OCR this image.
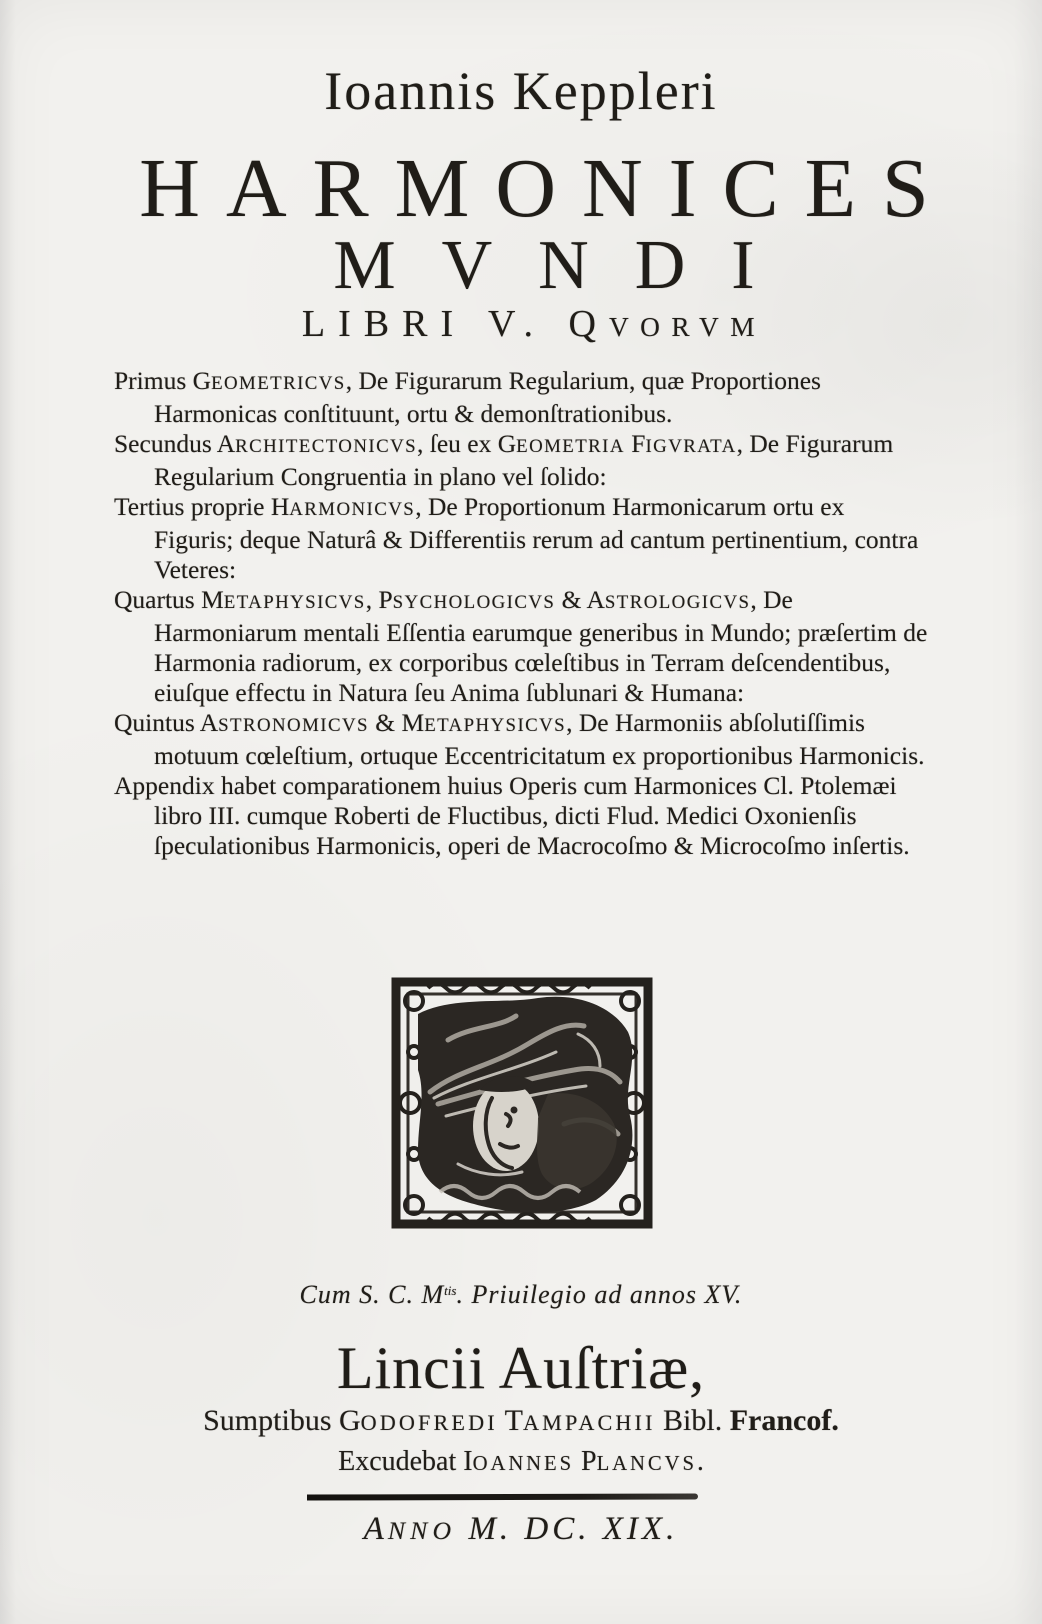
Ioannis Keppleri
HARMONICES
MVNDI
LIBRI V. QVORVM

Primus GEOMETRICVS, De Figurarum Regularium, quæ Proportiones Harmonicas conſtituunt, ortu & demonſtrationibus.

Secundus ARCHITECTONICVS, ſeu ex GEOMETRIA FIGVRATA, De Figurarum Regularium Congruentia in plano vel ſolido:

Tertius proprie HARMONICVS, De Proportionum Harmonicarum ortu ex Figuris; deque Naturâ & Differentiis rerum ad cantum pertinentium, contra Veteres:

Quartus METAPHYSICVS, PSYCHOLOGICVS & ASTROLOGICVS, De Harmoniarum mentali Eſſentia earumque generibus in Mundo; præſertim de Harmonia radiorum, ex corporibus cœleſtibus in Terram deſcendentibus, eiuſque effectu in Natura ſeu Anima ſublunari & Humana:

Quintus ASTRONOMICVS & METAPHYSICVS, De Harmoniis abſolutiſſimis motuum cœleſtium, ortuque Eccentricitatum ex proportionibus Harmonicis.

Appendix habet comparationem huius Operis cum Harmonices Cl. Ptolemæi libro III. cumque Roberti de Fluctibus, dicti Flud. Medici Oxonienſis ſpeculationibus Harmonicis, operi de Macrocoſmo & Microcoſmo inſertis.

Cum S. C. $M^{tis}$. Priuilegio ad annos XV.
Lincii Auſtriæ,
Sumptibus GODOFREDI TAMPACHII Bibl. Francof.
Excudebat IOANNES PLANCVS.
ANNO M. DC. XIX.
